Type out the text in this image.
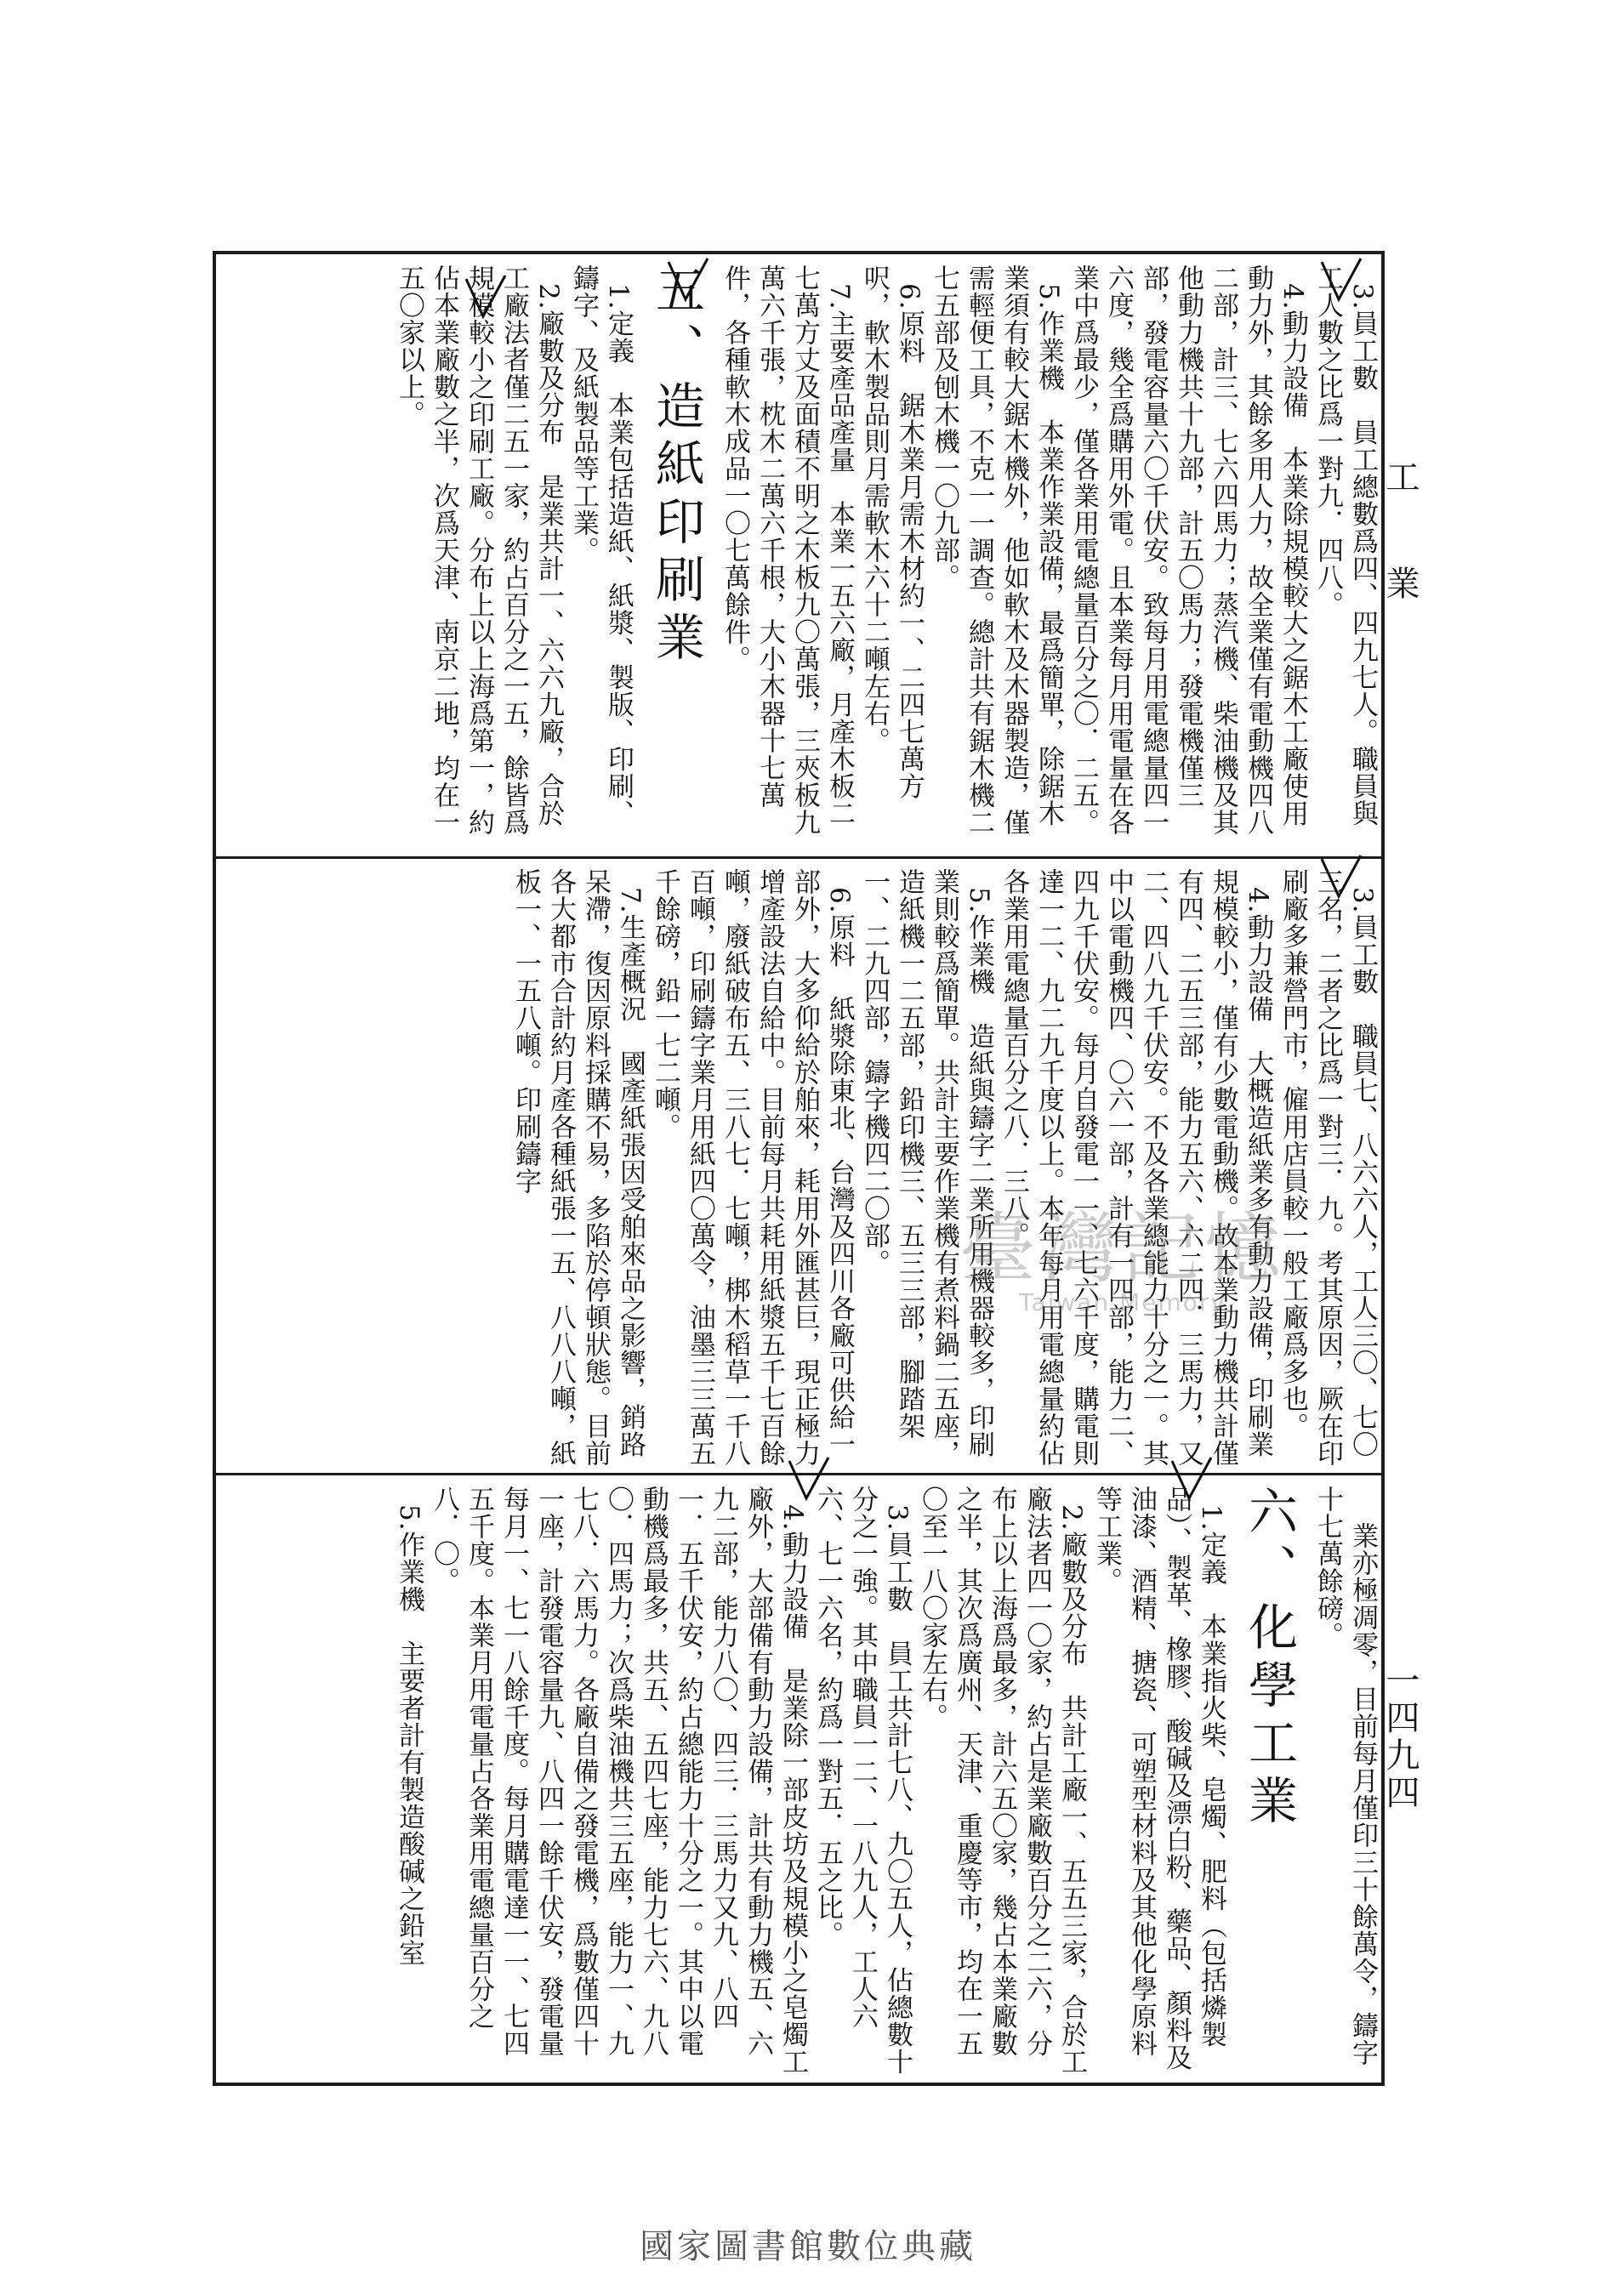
工 業
一四九四

3.員工數　員工總數爲四、四九七人。職員與工人數之比爲一對九．四八。

4.動力設備　本業除規模較大之鋸木工廠使用動力外，其餘多用人力，故全業僅有電動機四八二部，計三、七六四馬力；蒸汽機、柴油機及其他動力機共十九部，計五〇馬力；發電機僅三部，發電容量六〇千伏安。致每月用電總量四一六度，幾全爲購用外電。且本業每月用電量在各業中爲最少，僅各業用電總量百分之〇．二五。

5.作業機　本業作業設備，最爲簡單，除鋸木業須有較大鋸木機外，他如軟木及木器製造，僅需輕便工具，不克一一調查。總計共有鋸木機二七五部及刨木機一〇九部。

6.原料　鋸木業月需木材約一、二四七萬方呎，軟木製品則月需軟木六十二噸左右。

7.主要產品產量　本業一五六廠，月產木板二七萬方丈及面積不明之木板九〇萬張，三夾板九萬六千張，枕木二萬六千根，大小木器十七萬件，各種軟木成品一〇七萬餘件。

五、造紙印刷業

1.定義　本業包括造紙、紙漿、製版、印刷、鑄字、及紙製品等工業。

2.廠數及分布　是業共計一、六六九廠，合於工廠法者僅二五一家，約占百分之一五，餘皆爲規模較小之印刷工廠。分布上以上海爲第一，約佔本業廠數之半，次爲天津、南京二地，均在一五〇家以上。

3.員工數　職員七、八六六人，工人三〇、七〇三名，二者之比爲一對三．九。考其原因，厥在印刷廠多兼營門市，僱用店員較一般工廠爲多也。

4.動力設備　大概造紙業多有動力設備，印刷業規模較小，僅有少數電動機。故本業動力機共計僅有四、二五三部，能力五六、六二四．三馬力，又二、四八九千伏安。不及各業總能力十分之一。其中以電動機四、〇六一部，計有一四部，能力二、四九千伏安。每月自發電一一、七六千度，購電則達一二、九二九千度以上。本年每月用電總量約佔各業用電總量百分之八．三八。

5.作業機　造紙與鑄字二業所用機器較多，印刷業則較爲簡單。共計主要作業機有煮料鍋二五座，造紙機一二五部，鉛印機三、五三三部，腳踏架一、二九四部，鑄字機四二〇部。

6.原料　紙漿除東北、台灣及四川各廠可供給一部外，大多仰給於舶來，耗用外匯甚巨，現正極力增產設法自給中。目前每月共耗用紙漿五千七百餘噸，廢紙破布五、三八七．七噸，梆木稻草一千八百噸，印刷鑄字業月用紙四〇萬令，油墨三三萬五千餘磅，鉛一七二噸。

7.生產概況　國產紙張因受舶來品之影響，銷路呆滯，復因原料採購不易，多陷於停頓狀態。目前各大都市合計約月產各種紙張一五、八八八噸，紙板一、一五八噸。印刷鑄字

業亦極凋零，目前每月僅印三十餘萬令，鑄字十七萬餘磅。

六、化學工業

1.定義　本業指火柴、皂燭、肥料（包括燐製品）、製革、橡膠、酸碱及漂白粉、藥品、顏料及油漆、酒精、搪瓷、可塑型材料及其他化學原料等工業。

2.廠數及分布　共計工廠一、五五三家，合於工廠法者四一〇家，約占是業廠數百分之二六，分布上以上海爲最多，計六五〇家，幾占本業廠數之半，其次爲廣州、天津、重慶等市，均在一五〇至一八〇家左右。

3.員工數　員工共計七八、九〇五人，佔總數十分之一強。其中職員一二、一八九人，工人六六、七一六名，約爲一對五．五之比。

4.動力設備　是業除一部皮坊及規模小之皂燭工廠外，大部備有動力設備，計共有動力機五、六九二部，能力八〇、四三．三馬力又九、八四一．五千伏安，約占總能力十分之一。其中以電動機爲最多，共五、五四七座，能力七六、九八〇．四馬力；次爲柴油機共三五座，能力一、九七八．六馬力。各廠自備之發電機，爲數僅四十一座，計發電容量九、八四一餘千伏安，發電量每月一、七一八餘千度。每月購電達一一、七四五千度。本業月用電量占各業用電總量百分之八．〇。

5.作業機　主要者計有製造酸碱之鉛室

臺灣記憶
Taiwan Memory
國家圖書館數位典藏
